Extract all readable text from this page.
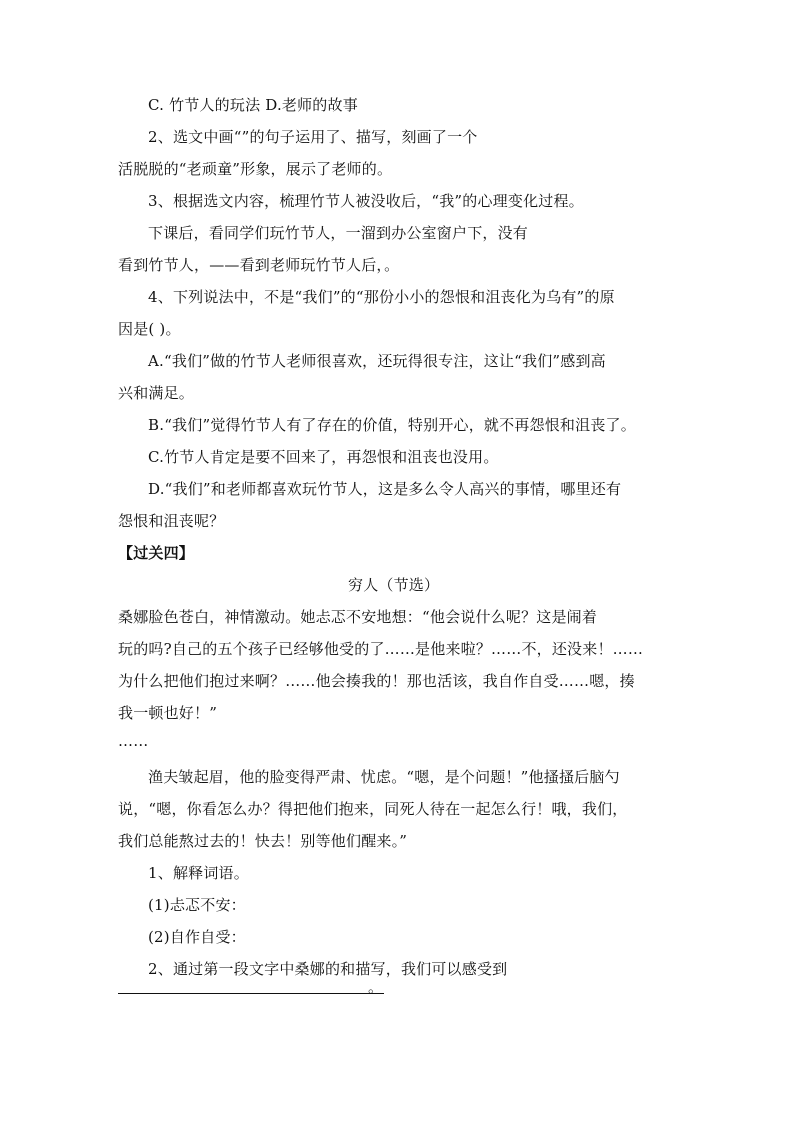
C. 竹节人的玩法 D.老师的故事
2、选文中画“”的句子运用了、描写，刻画了一个
活脱脱的“老顽童”形象，展示了老师的。
3、根据选文内容，梳理竹节人被没收后，“我”的心理变化过程。
下课后，看同学们玩竹节人，一溜到办公室窗户下，没有
看到竹节人，——看到老师玩竹节人后，。
4、下列说法中，不是“我们”的“那份小小的怨恨和沮丧化为乌有”的原
因是( )。
A.“我们”做的竹节人老师很喜欢，还玩得很专注，这让“我们”感到高
兴和满足。
B.“我们”觉得竹节人有了存在的价值，特别开心，就不再怨恨和沮丧了。
C.竹节人肯定是要不回来了，再怨恨和沮丧也没用。
D.“我们”和老师都喜欢玩竹节人，这是多么令人高兴的事情，哪里还有
怨恨和沮丧呢？
【过关四】
穷人（节选）
桑娜脸色苍白，神情激动。她忐忑不安地想：“他会说什么呢？这是闹着
玩的吗?自己的五个孩子已经够他受的了……是他来啦？……不，还没来！……
为什么把他们抱过来啊？……他会揍我的！那也活该，我自作自受……嗯，揍
我一顿也好！”
……
渔夫皱起眉，他的脸变得严肃、忧虑。“嗯，是个问题！”他搔搔后脑勺
说，“嗯，你看怎么办？得把他们抱来，同死人待在一起怎么行！哦，我们，
我们总能熬过去的！快去！别等他们醒来。”
1、解释词语。
(1)忐忑不安：
(2)自作自受：
2、通过第一段文字中桑娜的和描写，我们可以感受到
。
